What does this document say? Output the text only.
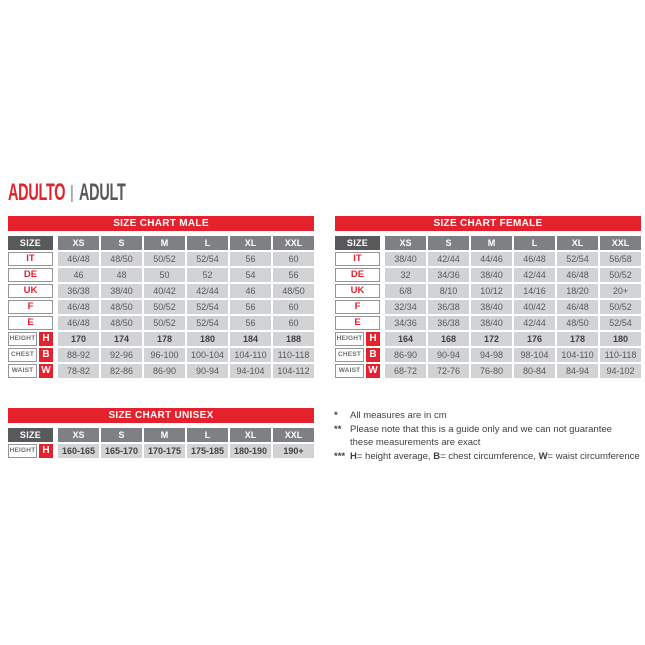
ADULTO ADULT
SIZE CHART MALE
SIZE	XS	S	M	L	XL	XXL
IT	46/48	48/50	50/52	52/54	56	60
DE	46	48	50	52	54	56
UK	36/38	38/40	40/42	42/44	46	48/50
F	46/48	48/50	50/52	52/54	56	60
E	46/48	48/50	50/52	52/54	56	60
HEIGHT H	170	174	178	180	184	188
CHEST B	88-92	92-96	96-100	100-104	104-110	110-118
WAIST W	78-82	82-86	86-90	90-94	94-104	104-112
SIZE CHART FEMALE
SIZE	XS	S	M	L	XL	XXL
IT	38/40	42/44	44/46	46/48	52/54	56/58
DE	32	34/36	38/40	42/44	46/48	50/52
UK	6/8	8/10	10/12	14/16	18/20	20+
F	32/34	36/38	38/40	40/42	46/48	50/52
E	34/36	36/38	38/40	42/44	48/50	52/54
HEIGHT H	164	168	172	176	178	180
CHEST B	86-90	90-94	94-98	98-104	104-110	110-118
WAIST W	68-72	72-76	76-80	80-84	84-94	94-102
SIZE CHART UNISEX
SIZE	XS	S	M	L	XL	XXL
HEIGHT H	160-165	165-170	170-175	175-185	180-190	190+
*	All measures are in cm
** Please note that this is a guide only and we can not guarantee
these measurements are exact
*** H= height average, B= chest circumference, W= waist circumference
